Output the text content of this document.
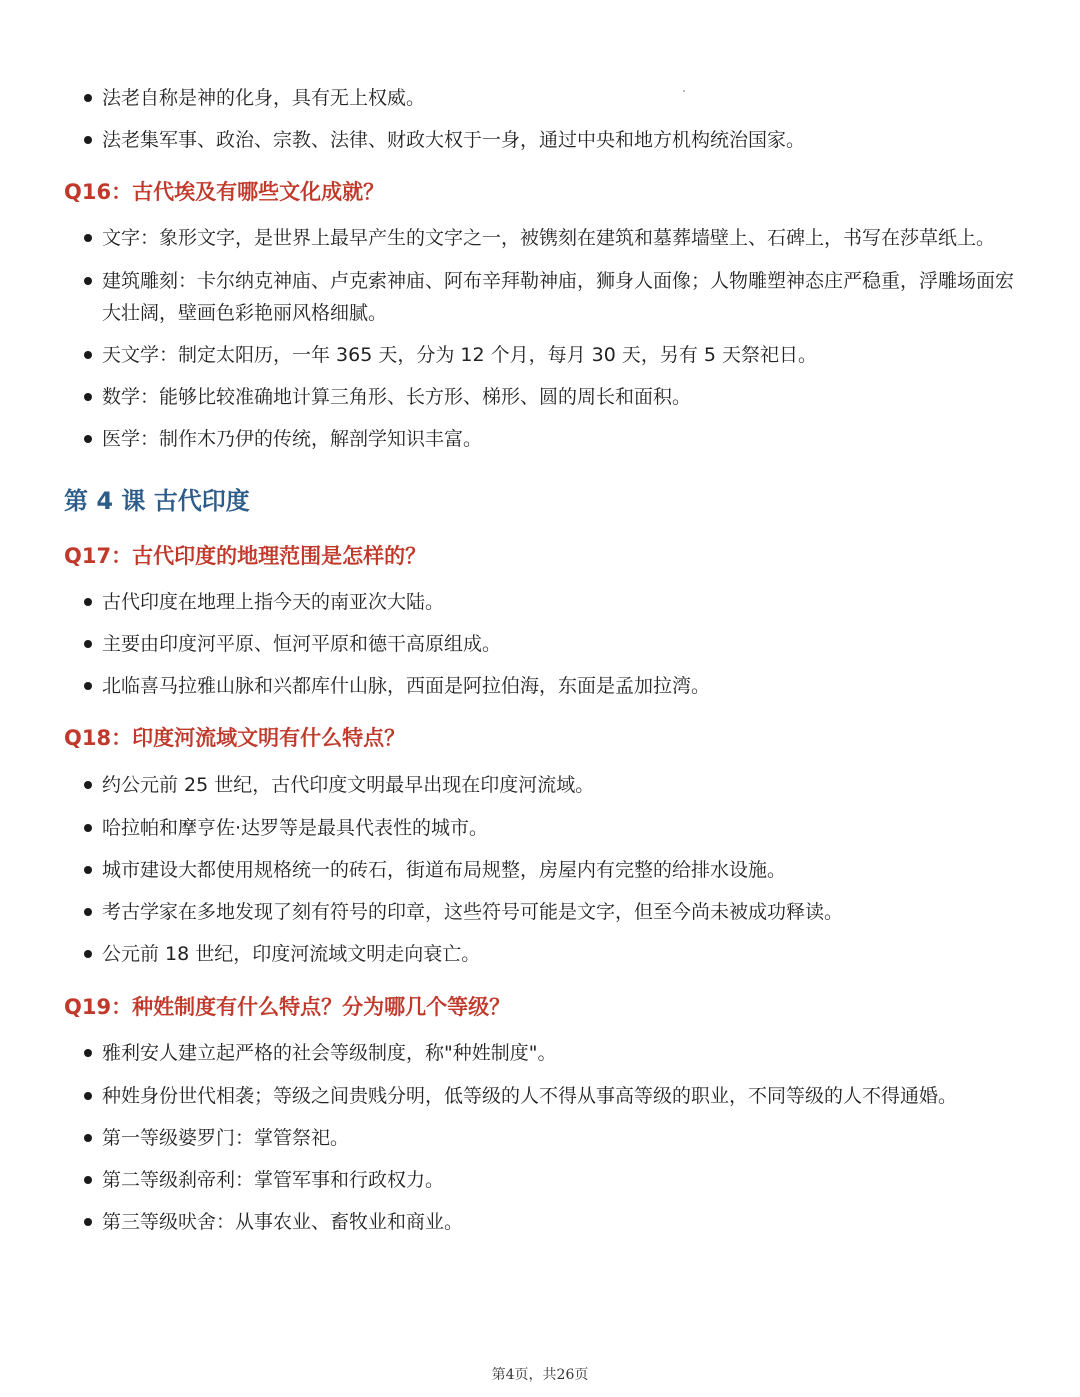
法老自称是神的化身，具有无上权威。
法老集军事、政治、宗教、法律、财政大权于一身，通过中央和地方机构统治国家。
Q16：古代埃及有哪些文化成就？
文字：象形文字，是世界上最早产生的文字之一，被镌刻在建筑和墓葬墙壁上、石碑上，书写在莎草纸上。
建筑雕刻：卡尔纳克神庙、卢克索神庙、阿布辛拜勒神庙，狮身人面像；人物雕塑神态庄严稳重，浮雕场面宏大壮阔，壁画色彩艳丽风格细腻。
天文学：制定太阳历，一年 365 天，分为 12 个月，每月 30 天，另有 5 天祭祀日。
数学：能够比较准确地计算三角形、长方形、梯形、圆的周长和面积。
医学：制作木乃伊的传统，解剖学知识丰富。
第 4 课 古代印度
Q17：古代印度的地理范围是怎样的？
古代印度在地理上指今天的南亚次大陆。
主要由印度河平原、恒河平原和德干高原组成。
北临喜马拉雅山脉和兴都库什山脉，西面是阿拉伯海，东面是孟加拉湾。
Q18：印度河流域文明有什么特点？
约公元前 25 世纪，古代印度文明最早出现在印度河流域。
哈拉帕和摩亨佐·达罗等是最具代表性的城市。
城市建设大都使用规格统一的砖石，街道布局规整，房屋内有完整的给排水设施。
考古学家在多地发现了刻有符号的印章，这些符号可能是文字，但至今尚未被成功释读。
公元前 18 世纪，印度河流域文明走向衰亡。
Q19：种姓制度有什么特点？分为哪几个等级？
雅利安人建立起严格的社会等级制度，称"种姓制度"。
种姓身份世代相袭；等级之间贵贱分明，低等级的人不得从事高等级的职业，不同等级的人不得通婚。
第一等级婆罗门：掌管祭祀。
第二等级刹帝利：掌管军事和行政权力。
第三等级吠舍：从事农业、畜牧业和商业。
第4页，共26页
